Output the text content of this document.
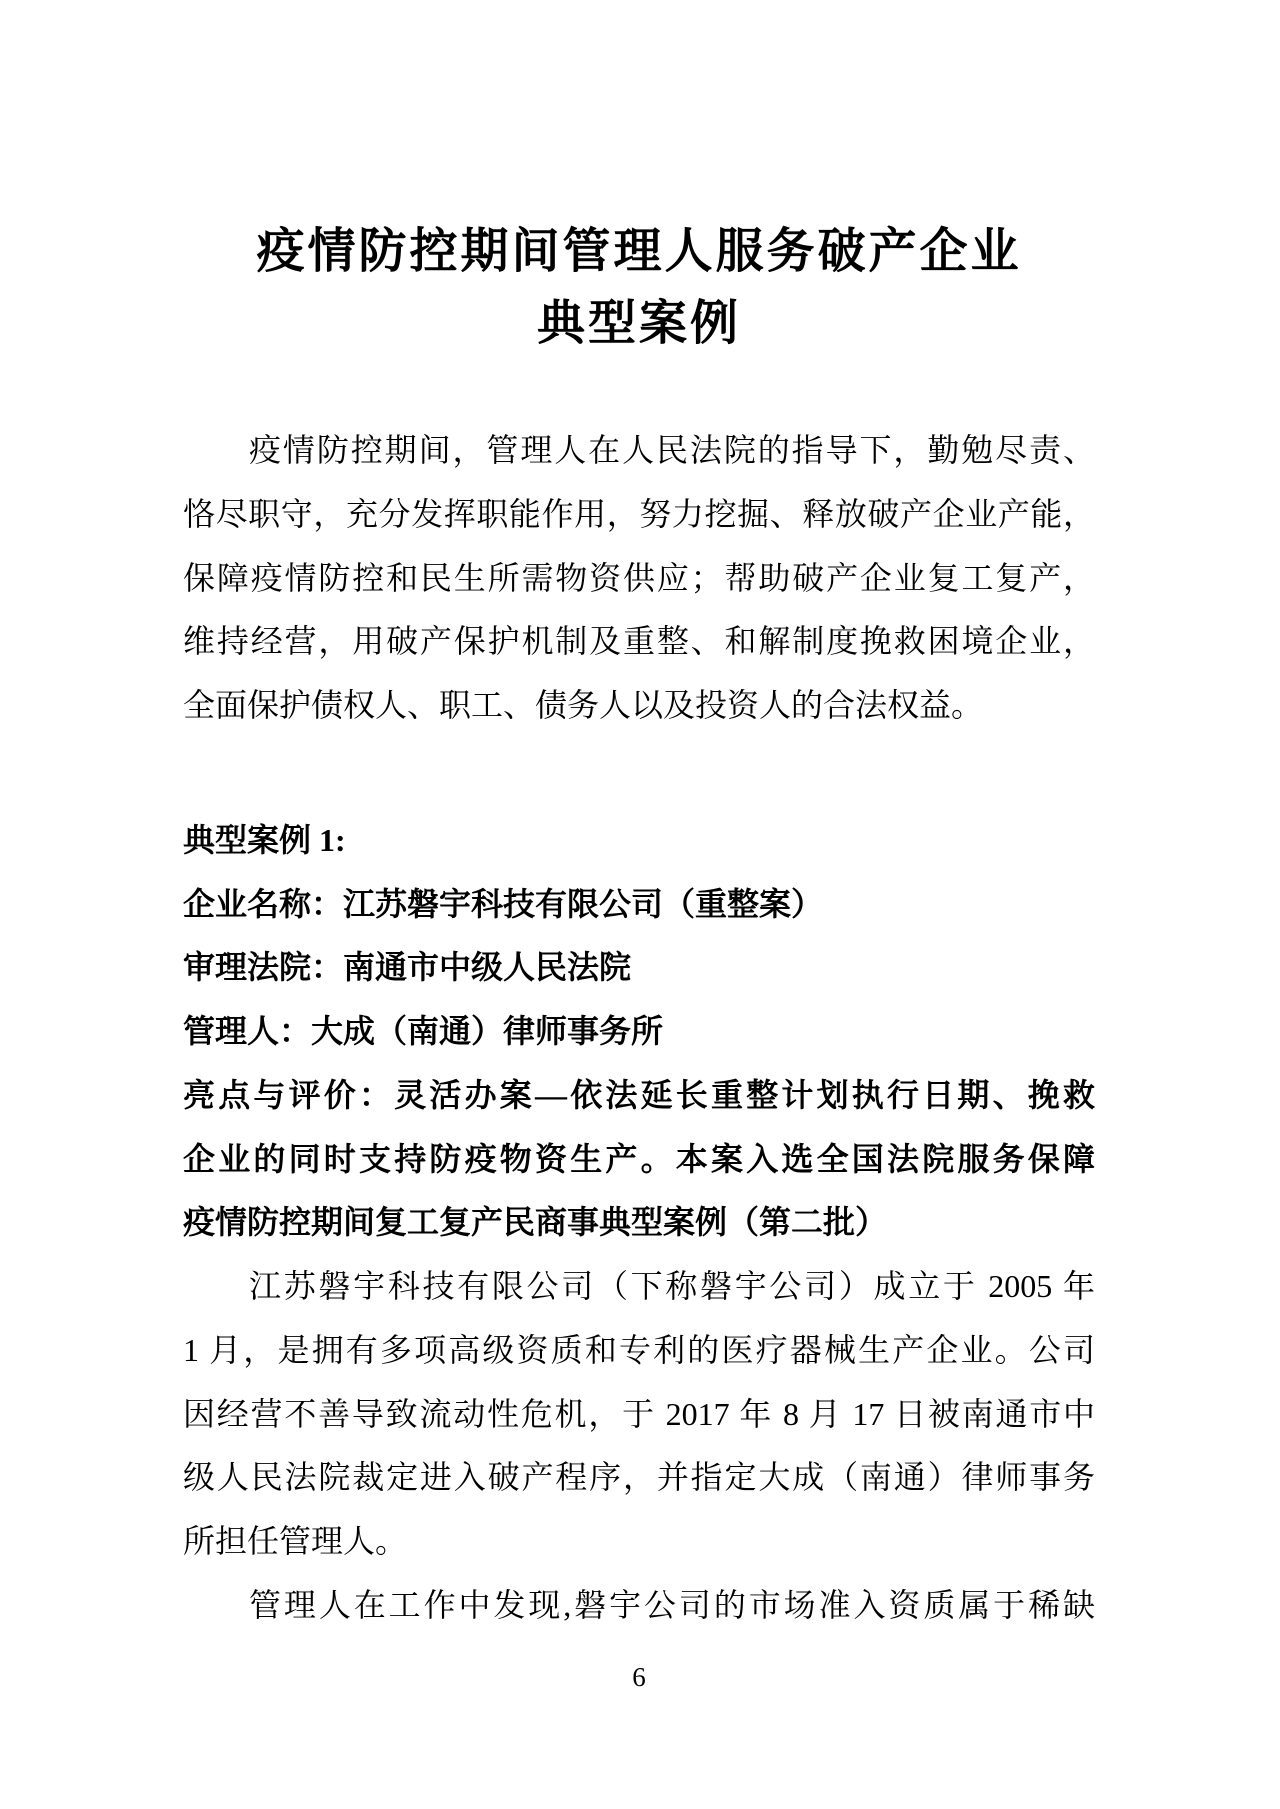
疫情防控期间管理人服务破产企业
典型案例
疫情防控期间，管理人在人民法院的指导下，勤勉尽责、
恪尽职守，充分发挥职能作用，努力挖掘、释放破产企业产能，
保障疫情防控和民生所需物资供应；帮助破产企业复工复产，
维持经营，用破产保护机制及重整、和解制度挽救困境企业，
全面保护债权人、职工、债务人以及投资人的合法权益。
典型案例 1:
企业名称：江苏磐宇科技有限公司（重整案）
审理法院：南通市中级人民法院
管理人：大成（南通）律师事务所
亮点与评价：灵活办案—依法延长重整计划执行日期、挽救
企业的同时支持防疫物资生产。本案入选全国法院服务保障
疫情防控期间复工复产民商事典型案例（第二批）
江苏磐宇科技有限公司（下称磐宇公司）成立于 2005 年
1 月，是拥有多项高级资质和专利的医疗器械生产企业。公司
因经营不善导致流动性危机，于 2017 年 8 月 17 日被南通市中
级人民法院裁定进入破产程序，并指定大成（南通）律师事务
所担任管理人。
管理人在工作中发现,磐宇公司的市场准入资质属于稀缺
6
